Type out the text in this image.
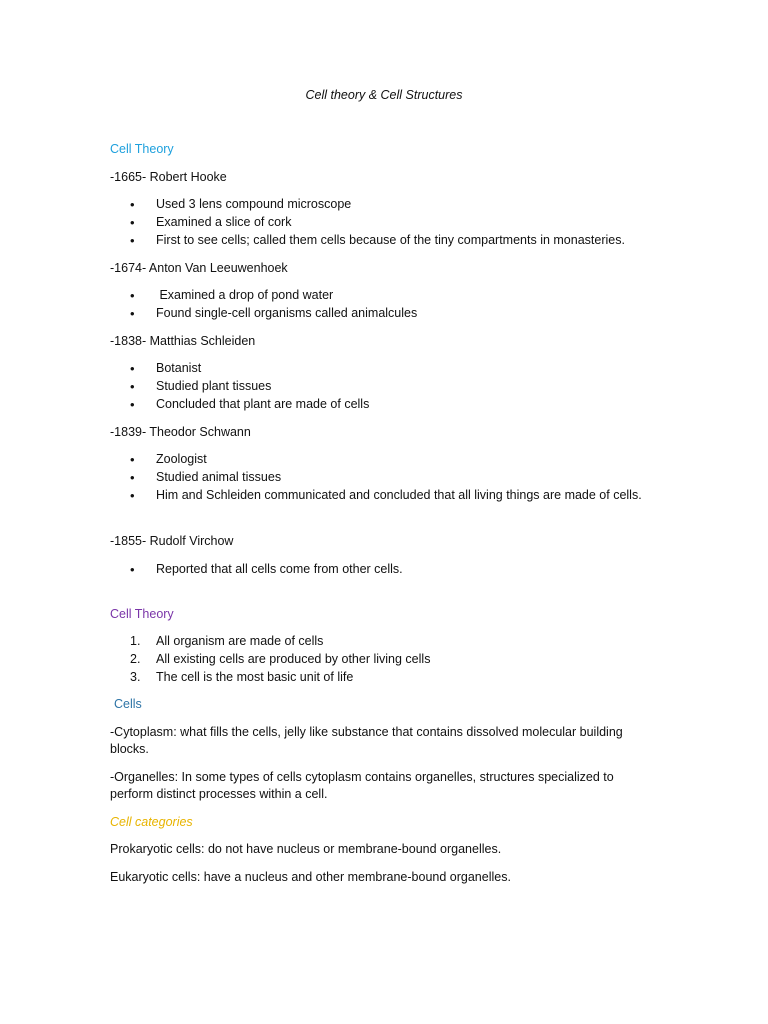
Cell theory & Cell Structures
Cell Theory
-1665- Robert Hooke
•	Used 3 lens compound microscope
•	Examined a slice of cork
•	First to see cells; called them cells because of the tiny compartments in monasteries.
-1674- Anton Van Leeuwenhoek
•	Examined a drop of pond water
•	Found single-cell organisms called animalcules
-1838- Matthias Schleiden
•	Botanist
•	Studied plant tissues
•	Concluded that plant are made of cells
-1839- Theodor Schwann
•	Zoologist
•	Studied animal tissues
•	Him and Schleiden communicated and concluded that all living things are made of cells.
-1855- Rudolf Virchow
•	Reported that all cells come from other cells.
Cell Theory
1.	All organism are made of cells
2.	All existing cells are produced by other living cells
3.	The cell is the most basic unit of life
Cells
-Cytoplasm: what fills the cells, jelly like substance that contains dissolved molecular building blocks.
-Organelles: In some types of cells cytoplasm contains organelles, structures specialized to perform distinct processes within a cell.
Cell categories
Prokaryotic cells: do not have nucleus or membrane-bound organelles.
Eukaryotic cells: have a nucleus and other membrane-bound organelles.
